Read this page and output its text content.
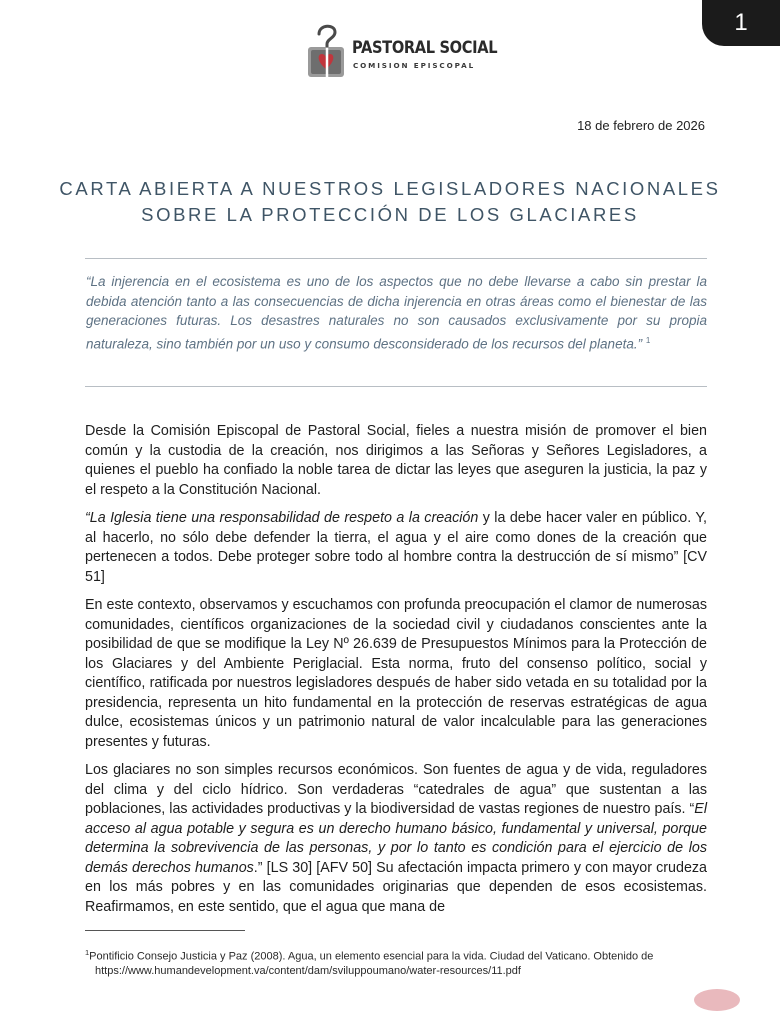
1
PASTORAL SOCIAL
COMISION EPISCOPAL
18 de febrero de 2026
CARTA ABIERTA A NUESTROS LEGISLADORES NACIONALES
SOBRE LA PROTECCIÓN DE LOS GLACIARES
“La injerencia en el ecosistema es uno de los aspectos que no debe llevarse a cabo sin prestar la debida atención tanto a las consecuencias de dicha injerencia en otras áreas como el bienestar de las generaciones futuras. Los desastres naturales no son causados exclusivamente por su propia naturaleza, sino también por un uso y consumo desconsiderado de los recursos del planeta.” $^1$

Desde la Comisión Episcopal de Pastoral Social, fieles a nuestra misión de promover el bien común y la custodia de la creación, nos dirigimos a las Señoras y Señores Legisladores, a quienes el pueblo ha confiado la noble tarea de dictar las leyes que aseguren la justicia, la paz y el respeto a la Constitución Nacional.

“La Iglesia tiene una responsabilidad de respeto a la creación y la debe hacer valer en público. Y, al hacerlo, no sólo debe defender la tierra, el agua y el aire como dones de la creación que pertenecen a todos. Debe proteger sobre todo al hombre contra la destrucción de sí mismo” [CV 51]

En este contexto, observamos y escuchamos con profunda preocupación el clamor de numerosas comunidades, científicos organizaciones de la sociedad civil y ciudadanos conscientes ante la posibilidad de que se modifique la Ley Nº 26.639 de Presupuestos Mínimos para la Protección de los Glaciares y del Ambiente Periglacial. Esta norma, fruto del consenso político, social y científico, ratificada por nuestros legisladores después de haber sido vetada en su totalidad por la presidencia, representa un hito fundamental en la protección de reservas estratégicas de agua dulce, ecosistemas únicos y un patrimonio natural de valor incalculable para las generaciones presentes y futuras.

Los glaciares no son simples recursos económicos. Son fuentes de agua y de vida, reguladores del clima y del ciclo hídrico. Son verdaderas “catedrales de agua” que sustentan a las poblaciones, las actividades productivas y la biodiversidad de vastas regiones de nuestro país. “El acceso al agua potable y segura es un derecho humano básico, fundamental y universal, porque determina la sobrevivencia de las personas, y por lo tanto es condición para el ejercicio de los demás derechos humanos.” [LS 30] [AFV 50] Su afectación impacta primero y con mayor crudeza en los más pobres y en las comunidades originarias que dependen de esos ecosistemas. Reafirmamos, en este sentido, que el agua que mana de

$^1$Pontificio Consejo Justicia y Paz (2008). Agua, un elemento esencial para la vida. Ciudad del Vaticano. Obtenido de
https://www.humandevelopment.va/content/dam/sviluppoumano/water-resources/11.pdf
